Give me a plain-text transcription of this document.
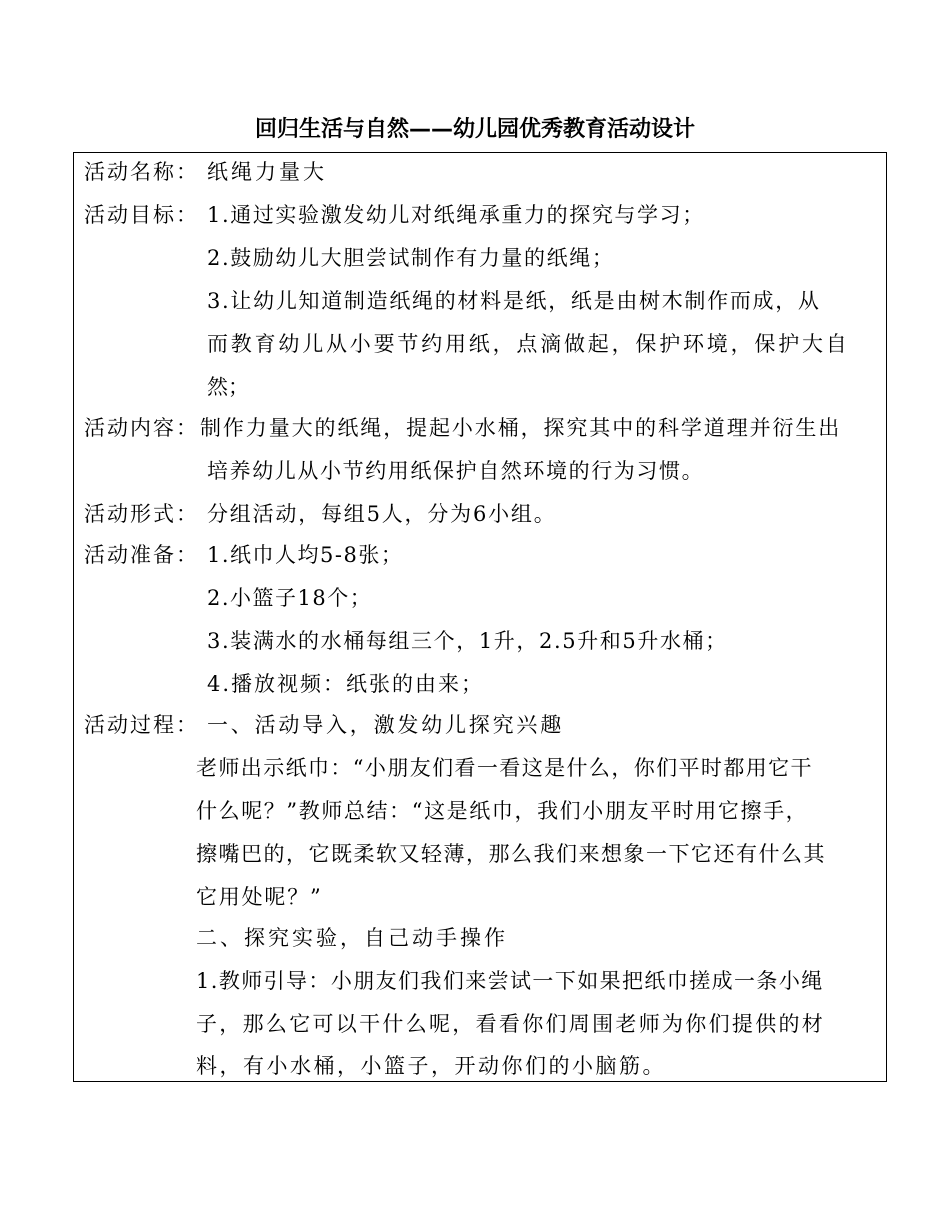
回归生活与自然——幼儿园优秀教育活动设计
活动名称： 纸绳力量大
活动目标： 1.通过实验激发幼儿对纸绳承重力的探究与学习；
2.鼓励幼儿大胆尝试制作有力量的纸绳；
3.让幼儿知道制造纸绳的材料是纸，纸是由树木制作而成，从
而教育幼儿从小要节约用纸，点滴做起，保护环境，保护大自
然；
活动内容： 制作力量大的纸绳，提起小水桶，探究其中的科学道理并衍生出
培养幼儿从小节约用纸保护自然环境的行为习惯。
活动形式： 分组活动，每组5人，分为6小组。
活动准备： 1.纸巾人均5-8张；
2.小篮子18个；
3.装满水的水桶每组三个，1升，2.5升和5升水桶；
4.播放视频：纸张的由来；
活动过程： 一、活动导入，激发幼儿探究兴趣
老师出示纸巾：“小朋友们看一看这是什么，你们平时都用它干
什么呢？”教师总结：“这是纸巾，我们小朋友平时用它擦手，
擦嘴巴的，它既柔软又轻薄，那么我们来想象一下它还有什么其
它用处呢？”
二、探究实验，自己动手操作
1.教师引导：小朋友们我们来尝试一下如果把纸巾搓成一条小绳
子，那么它可以干什么呢，看看你们周围老师为你们提供的材
料，有小水桶，小篮子，开动你们的小脑筋。
